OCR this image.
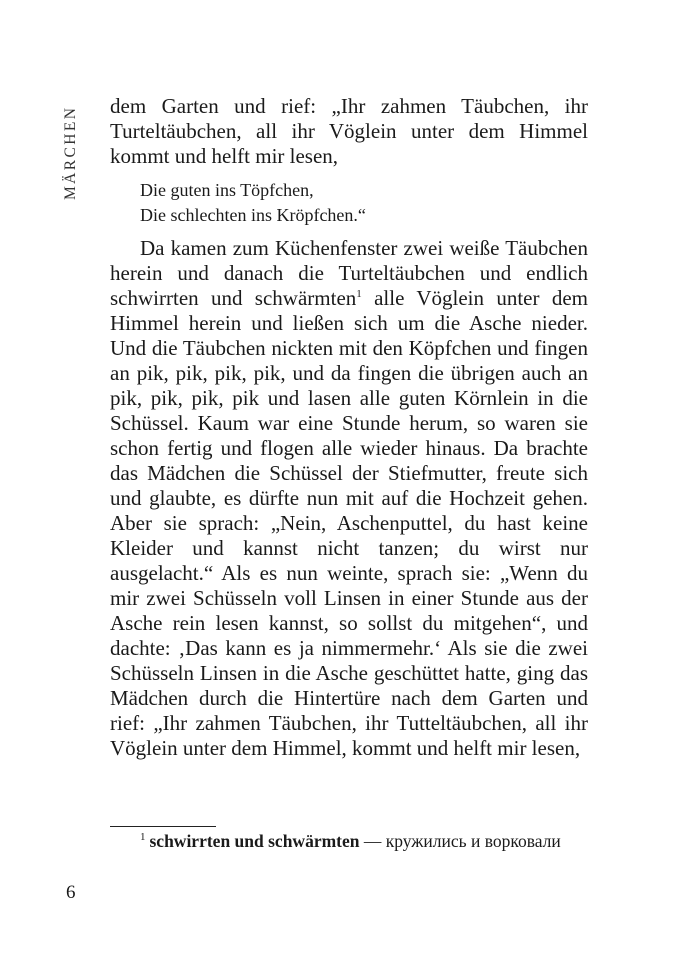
MÄRCHEN	dem Garten und rief: „Ihr zahmen Täubchen, ihr Turteltäubchen, all ihr Vöglein unter dem Himmel kommt und helft mir lesen,

Die guten ins Töpfchen,
Die schlechten ins Kröpfchen.“

Da kamen zum Küchenfenster zwei weiße Täubchen herein und danach die Turteltäubchen und endlich schwirrten und schwärmten$^1$ alle Vöglein unter dem Himmel herein und ließen sich um die Asche nieder. Und die Täubchen nickten mit den Köpfchen und fingen an pik, pik, pik, pik, und da fingen die übrigen auch an pik, pik, pik, pik und lasen alle guten Körnlein in die Schüssel. Kaum war eine Stunde herum, so waren sie schon fertig und flogen alle wieder hinaus. Da brachte das Mädchen die Schüssel der Stiefmutter, freute sich und glaubte, es dürfte nun mit auf die Hochzeit gehen. Aber sie sprach: „Nein, Aschenputtel, du hast keine Kleider und kannst nicht tanzen; du wirst nur ausgelacht.“ Als es nun weinte, sprach sie: „Wenn du mir zwei Schüsseln voll Linsen in einer Stunde aus der Asche rein lesen kannst, so sollst du mitgehen“, und dachte: ‚Das kann es ja nimmermehr.‘ Als sie die zwei Schüsseln Linsen in die Asche geschüttet hatte, ging das Mädchen durch die Hintertüre nach dem Garten und rief: „Ihr zahmen Täubchen, ihr Tutteltäubchen, all ihr Vöglein unter dem Himmel, kommt und helft mir lesen,

$^1$ schwirrten und schwärmten — кружились и ворковали

6
